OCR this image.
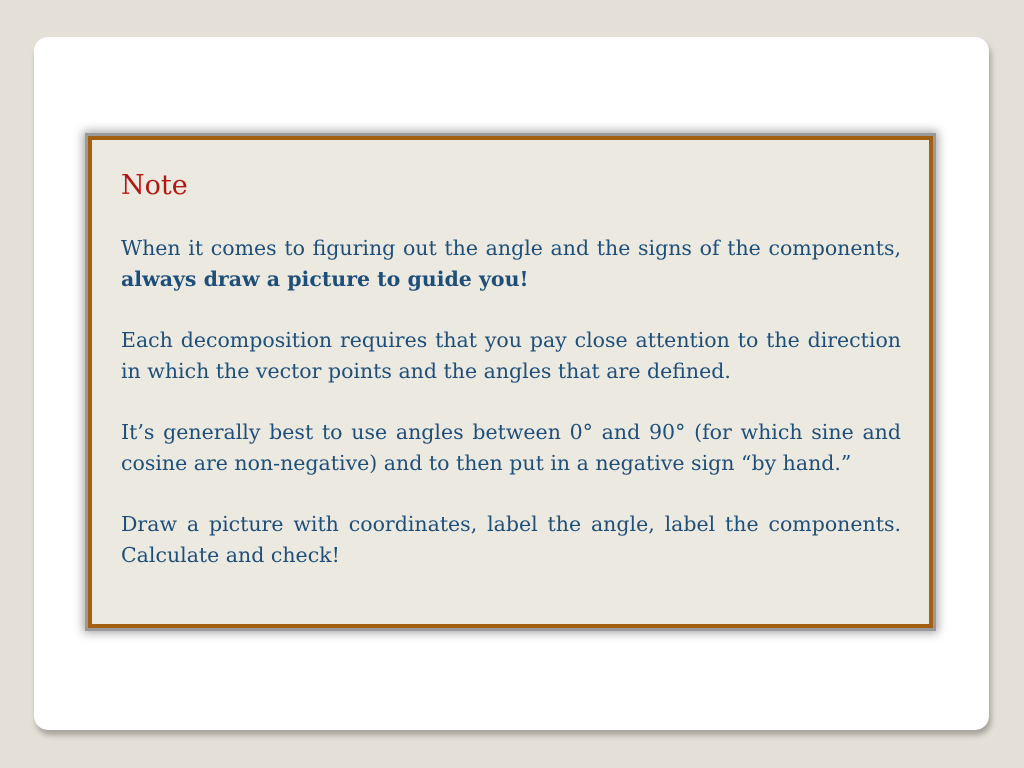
Note

When it comes to figuring out the angle and the signs of the components, always draw a picture to guide you!

Each decomposition requires that you pay close attention to the direction in which the vector points and the angles that are defined.

It’s generally best to use angles between 0° and 90° (for which sine and cosine are non-negative) and to then put in a negative sign “by hand.”

Draw a picture with coordinates, label the angle, label the components. Calculate and check!
